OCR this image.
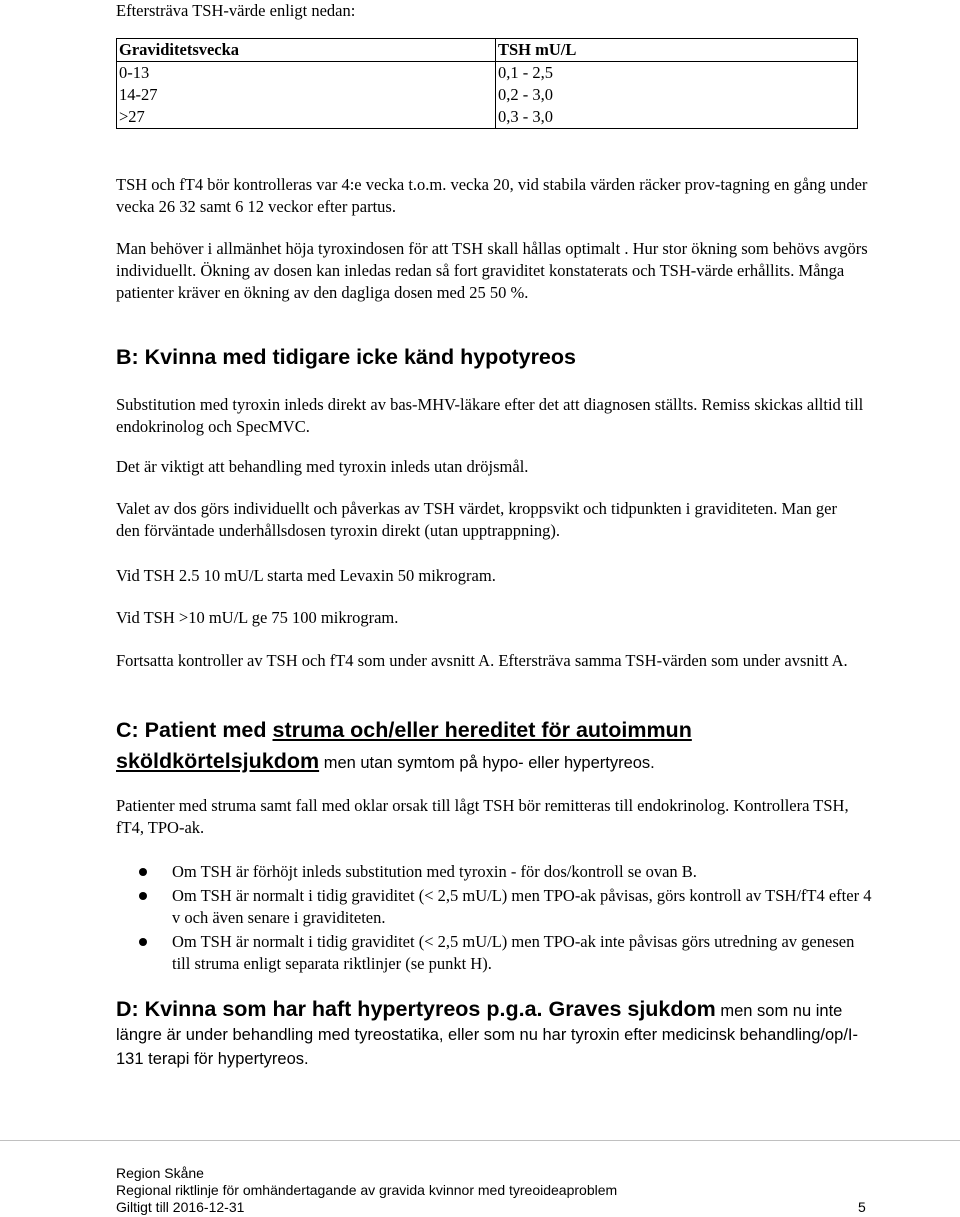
Eftersträva TSH-värde enligt nedan:

Graviditetsvecka	TSH mU/L
0-13	0,1 - 2,5
14-27	0,2 - 3,0
>27	0,3 - 3,0

TSH och fT4 bör kontrolleras var 4:e vecka t.o.m. vecka 20, vid stabila värden räcker prov-tagning en gång under vecka 26 32 samt 6 12 veckor efter partus.

Man behöver i allmänhet höja tyroxindosen för att TSH skall hållas optimalt . Hur stor ökning som behövs avgörs individuellt. Ökning av dosen kan inledas redan så fort graviditet konstaterats och TSH-värde erhållits. Många patienter kräver en ökning av den dagliga dosen med 25 50 %.

B: Kvinna med tidigare icke känd hypotyreos

Substitution med tyroxin inleds direkt av bas-MHV-läkare efter det att diagnosen ställts. Remiss skickas alltid till endokrinolog och SpecMVC.

Det är viktigt att behandling med tyroxin inleds utan dröjsmål.

Valet av dos görs individuellt och påverkas av TSH värdet, kroppsvikt och tidpunkten i graviditeten. Man ger den förväntade underhållsdosen tyroxin direkt (utan upptrappning).

Vid TSH 2.5 10 mU/L starta med Levaxin 50 mikrogram.

Vid TSH >10 mU/L ge 75 100 mikrogram.

Fortsatta kontroller av TSH och fT4 som under avsnitt A. Eftersträva samma TSH-värden som under avsnitt A.

C: Patient med struma och/eller hereditet för autoimmun sköldkörtelsjukdom men utan symtom på hypo- eller hypertyreos.

Patienter med struma samt fall med oklar orsak till lågt TSH bör remitteras till endokrinolog. Kontrollera TSH, fT4, TPO-ak.

Om TSH är förhöjt inleds substitution med tyroxin - för dos/kontroll se ovan B.
Om TSH är normalt i tidig graviditet (< 2,5 mU/L) men TPO-ak påvisas, görs kontroll av TSH/fT4 efter 4 v och även senare i graviditeten.
Om TSH är normalt i tidig graviditet (< 2,5 mU/L) men TPO-ak inte påvisas görs utredning av genesen till struma enligt separata riktlinjer (se punkt H).

D: Kvinna som har haft hypertyreos p.g.a. Graves sjukdom men som nu inte längre är under behandling med tyreostatika, eller som nu har tyroxin efter medicinsk behandling/op/I-131 terapi för hypertyreos.

Region Skåne
Regional riktlinje för omhändertagande av gravida kvinnor med tyreoideaproblem
Giltigt till 2016-12-31	5
